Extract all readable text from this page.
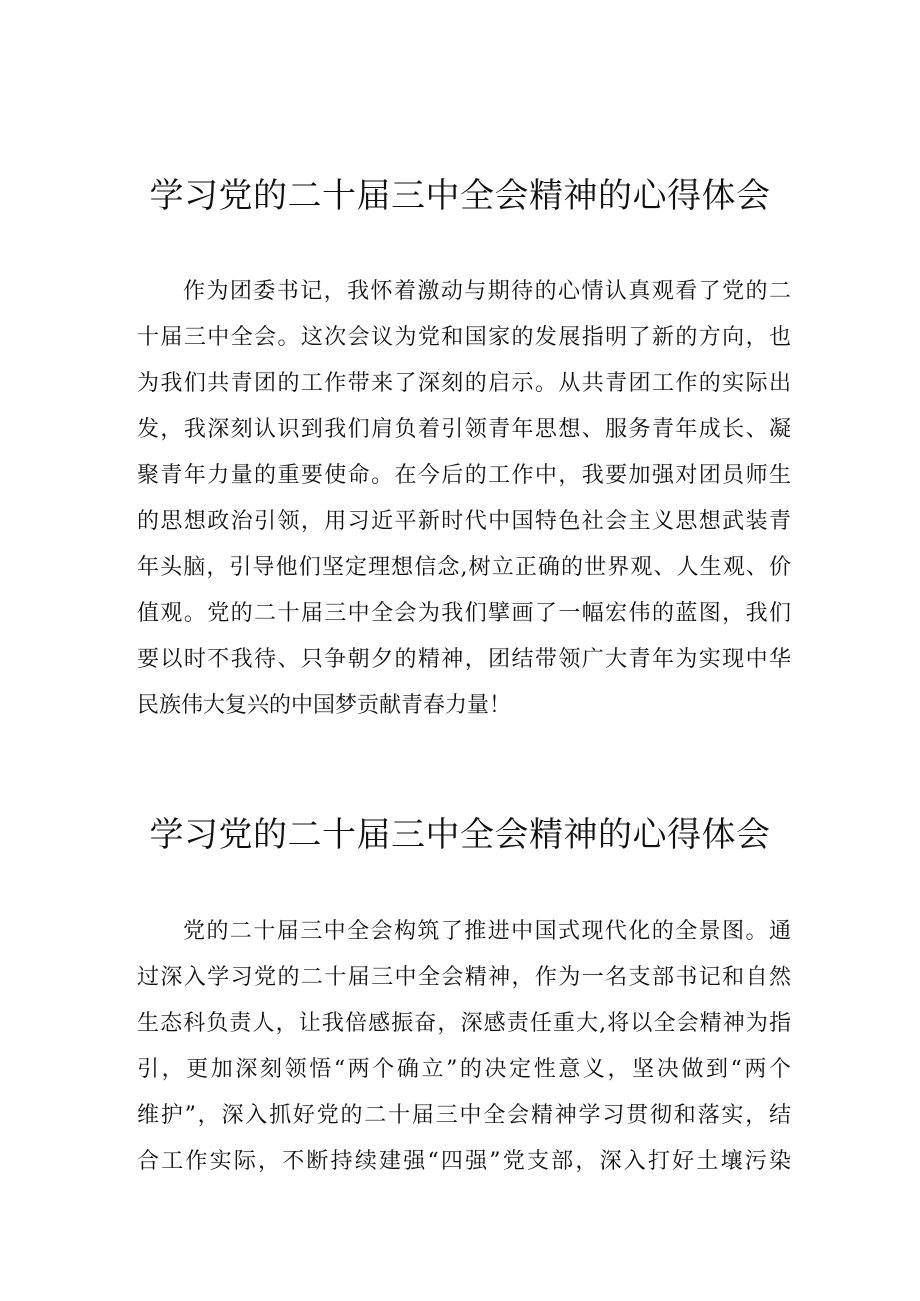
学习党的二十届三中全会精神的心得体会
作为团委书记，我怀着激动与期待的心情认真观看了党的二
十届三中全会。这次会议为党和国家的发展指明了新的方向，也
为我们共青团的工作带来了深刻的启示。从共青团工作的实际出
发，我深刻认识到我们肩负着引领青年思想、服务青年成长、凝
聚青年力量的重要使命。在今后的工作中，我要加强对团员师生
的思想政治引领，用习近平新时代中国特色社会主义思想武装青
年头脑，引导他们坚定理想信念,树立正确的世界观、人生观、价
值观。党的二十届三中全会为我们擘画了一幅宏伟的蓝图，我们
要以时不我待、只争朝夕的精神，团结带领广大青年为实现中华
民族伟大复兴的中国梦贡献青春力量！
学习党的二十届三中全会精神的心得体会
党的二十届三中全会构筑了推进中国式现代化的全景图。通
过深入学习党的二十届三中全会精神，作为一名支部书记和自然
生态科负责人，让我倍感振奋，深感责任重大,将以全会精神为指
引，更加深刻领悟“两个确立”的决定性意义，坚决做到“两个
维护”，深入抓好党的二十届三中全会精神学习贯彻和落实，结
合工作实际，不断持续建强“四强”党支部，深入打好土壤污染
